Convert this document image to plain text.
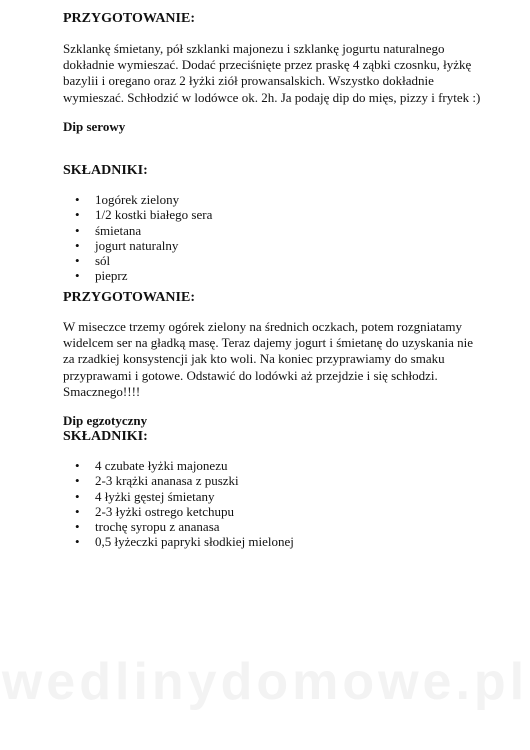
PRZYGOTOWANIE:

Szklankę śmietany, pół szklanki majonezu i szklankę jogurtu naturalnego dokładnie wymieszać. Dodać przeciśnięte przez praskę 4 ząbki czosnku, łyżkę bazylii i oregano oraz 2 łyżki ziół prowansalskich. Wszystko dokładnie wymieszać. Schłodzić w lodówce ok. 2h. Ja podaję dip do mięs, pizzy i frytek :)

Dip serowy

SKŁADNIKI:

• 1ogórek zielony
• 1/2 kostki białego sera
• śmietana
• jogurt naturalny
• sól
• pieprz

PRZYGOTOWANIE:

W miseczce trzemy ogórek zielony na średnich oczkach, potem rozgniatamy widelcem ser na gładką masę. Teraz dajemy jogurt i śmietanę do uzyskania nie za rzadkiej konsystencji jak kto woli. Na koniec przyprawiamy do smaku przyprawami i gotowe. Odstawić do lodówki aż przejdzie i się schłodzi. Smacznego!!!!

Dip egzotyczny

SKŁADNIKI:

• 4 czubate łyżki majonezu
• 2-3 krążki ananasa z puszki
• 4 łyżki gęstej śmietany
• 2-3 łyżki ostrego ketchupu
• trochę syropu z ananasa
• 0,5 łyżeczki papryki słodkiej mielonej
wedlinydomowe.pl
